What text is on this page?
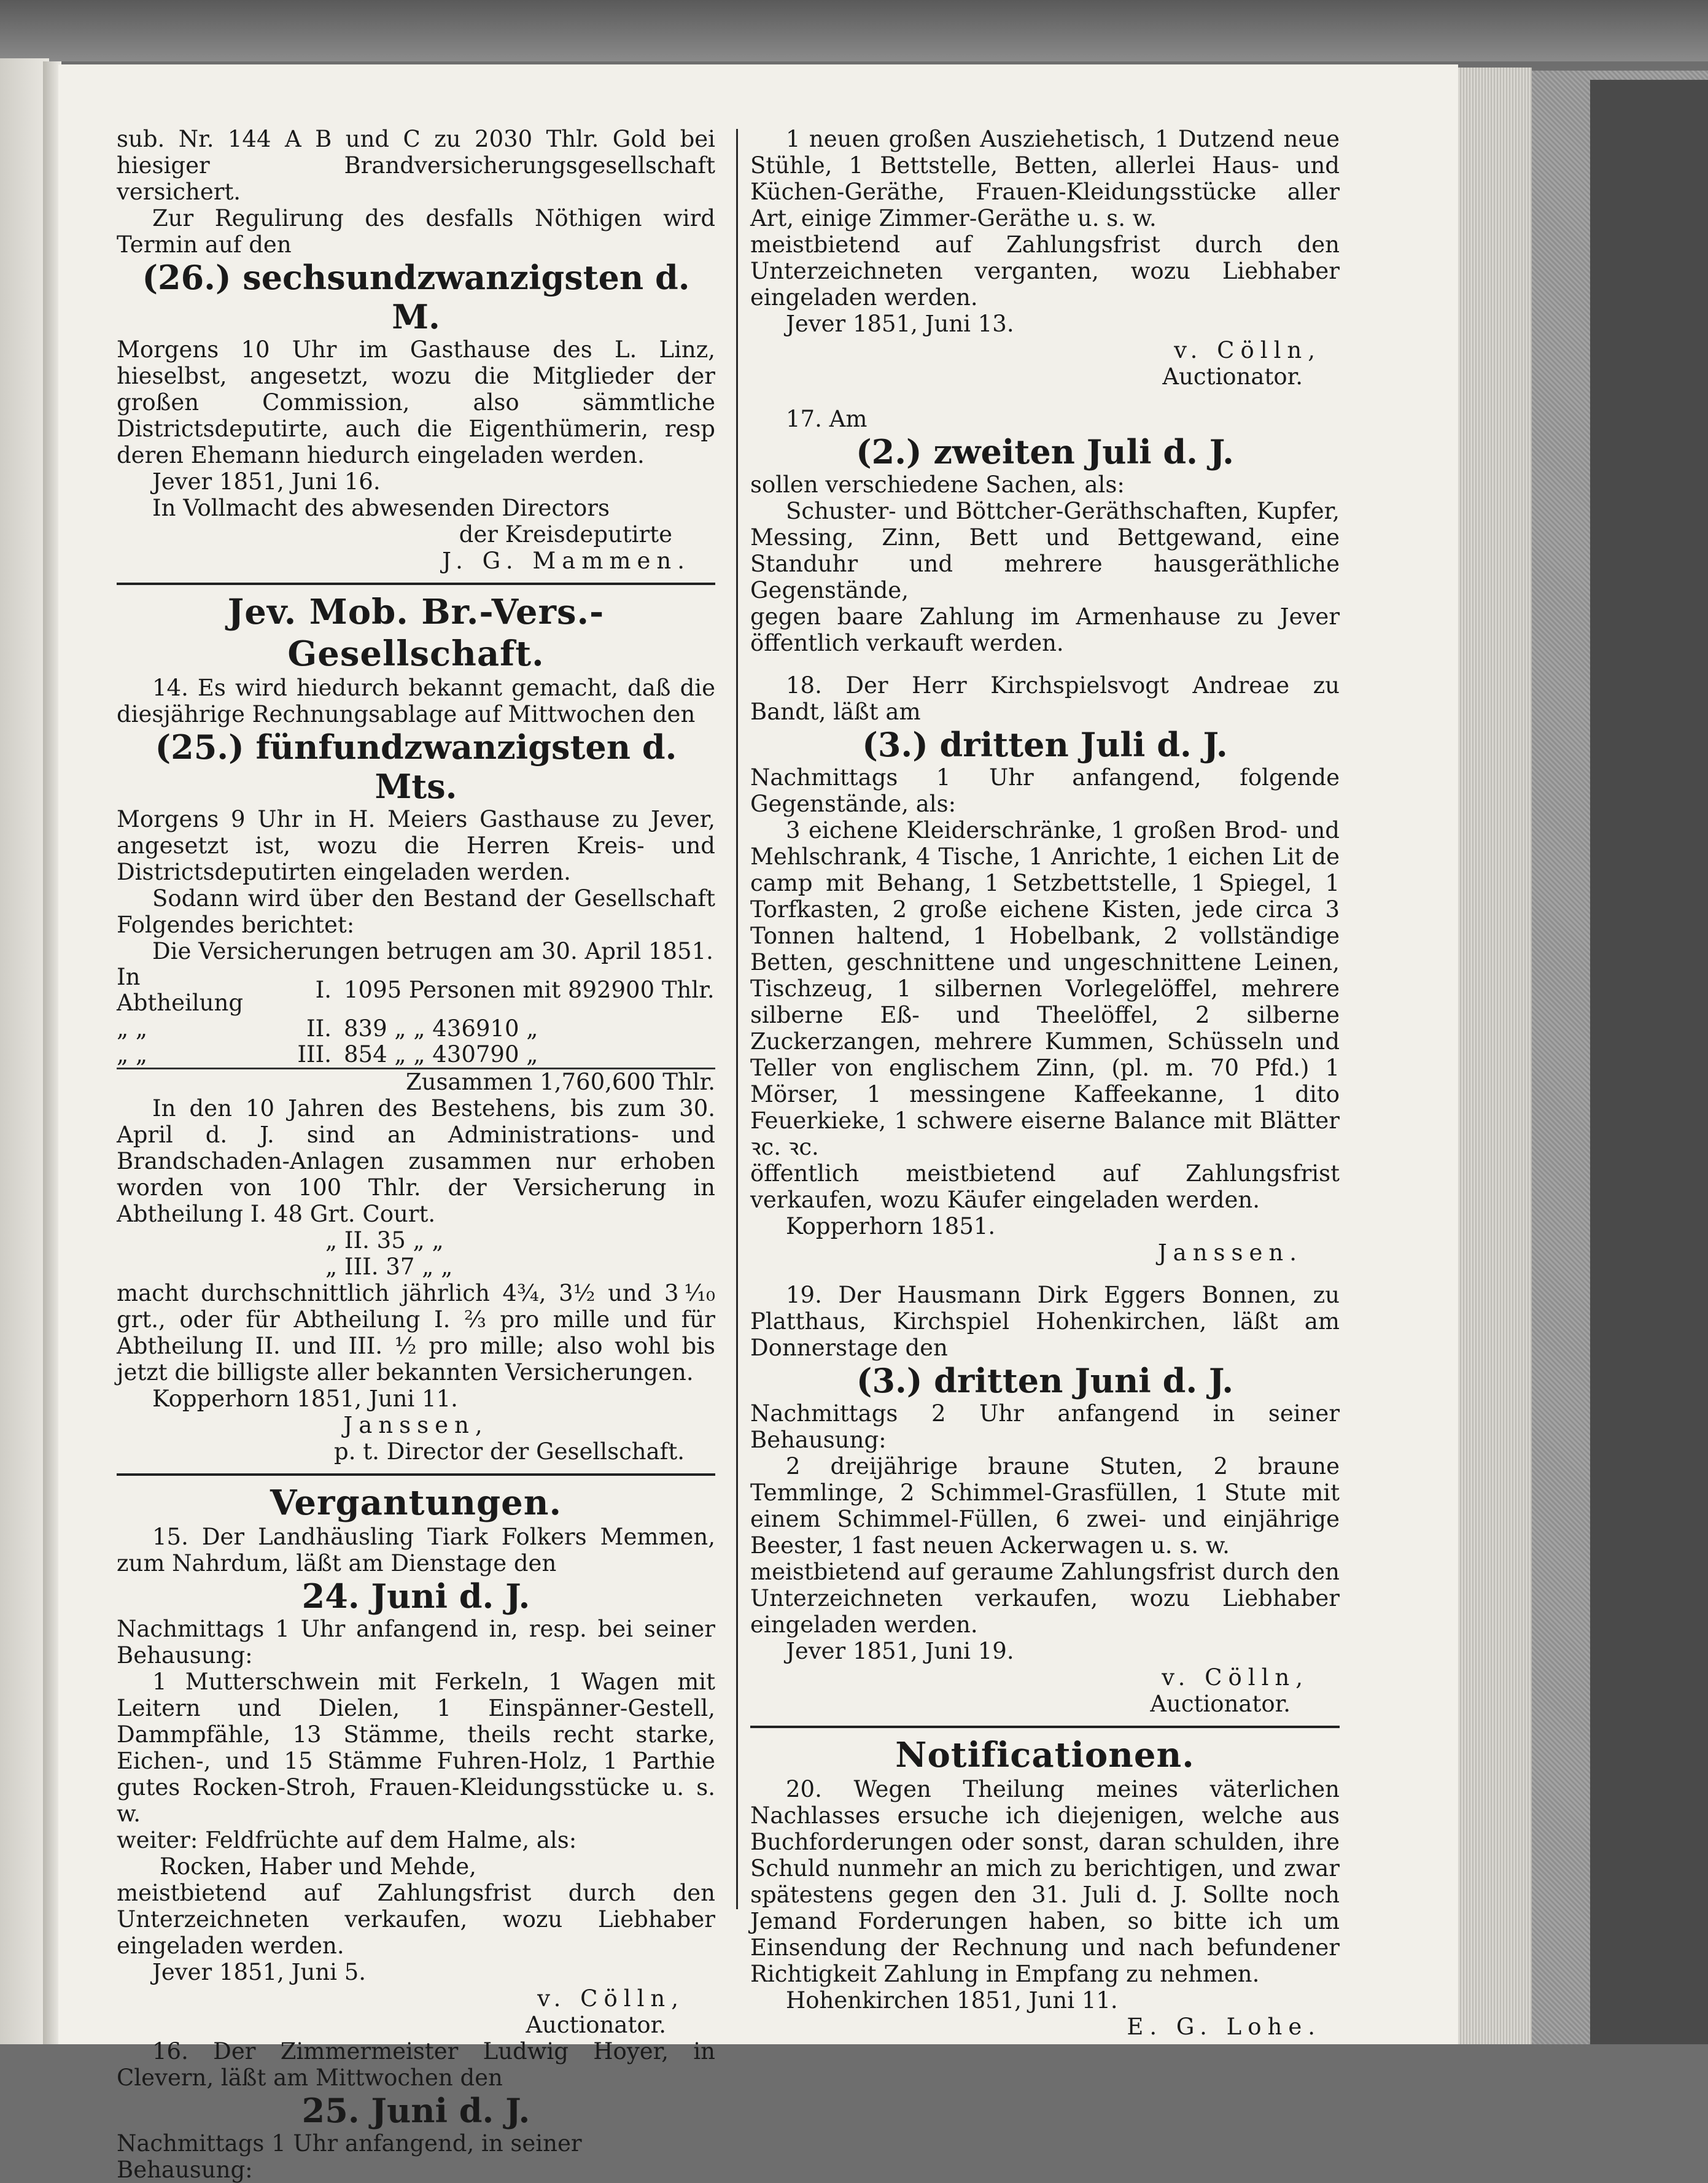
sub. Nr. 144 A B und C zu 2030 Thlr. Gold bei hiesiger Brandversicherungsgesellschaft versichert.

Zur Regulirung des desfalls Nöthigen wird Termin auf den

(26.) sechsundzwanzigsten d. M.

Morgens 10 Uhr im Gasthause des L. Linz, hieselbst, angesetzt, wozu die Mitglieder der großen Commission, also sämmtliche Districtsdeputirte, auch die Eigenthümerin, resp deren Ehemann hiedurch eingeladen werden.

Jever 1851, Juni 16.

In Vollmacht des abwesenden Directors

der Kreisdeputirte

J. G. Mammen.

Jev. Mob. Br.-Vers.-Gesellschaft.

14. Es wird hiedurch bekannt gemacht, daß die diesjährige Rechnungsablage auf Mittwochen den

(25.) fünfundzwanzigsten d. Mts.

Morgens 9 Uhr in H. Meiers Gasthause zu Jever, angesetzt ist, wozu die Herren Kreis- und Districtsdeputirten eingeladen werden.

Sodann wird über den Bestand der Gesellschaft Folgendes berichtet:

Die Versicherungen betrugen am 30. April 1851.

In Abtheilung	I.	1095 Personen mit 892900 Thlr.
„ „	II.	839 „ „ 436910 „
„ „	III.	854 „ „ 430790 „
Zusammen 1,760,600 Thlr.		

In den 10 Jahren des Bestehens, bis zum 30. April d. J. sind an Administrations- und Brandschaden-Anlagen zusammen nur erhoben worden von 100 Thlr. der Versicherung in Abtheilung I. 48 Grt. Court.

„ II. 35 „ „

„ III. 37 „ „

macht durchschnittlich jährlich 4¾, 3½ und 3⅒ grt., oder für Abtheilung I. ⅔ pro mille und für Abtheilung II. und III. ½ pro mille; also wohl bis jetzt die billigste aller bekannten Versicherungen.

Kopperhorn 1851, Juni 11.

Janssen,

p. t. Director der Gesellschaft.

Vergantungen.

15. Der Landhäusling Tiark Folkers Memmen, zum Nahrdum, läßt am Dienstage den

24. Juni d. J.

Nachmittags 1 Uhr anfangend in, resp. bei seiner Behausung:

1 Mutterschwein mit Ferkeln, 1 Wagen mit Leitern und Dielen, 1 Einspänner-Gestell, Dammpfähle, 13 Stämme, theils recht starke, Eichen-, und 15 Stämme Fuhren-Holz, 1 Parthie gutes Rocken-Stroh, Frauen-Kleidungsstücke u. s. w.

weiter: Feldfrüchte auf dem Halme, als:

Rocken, Haber und Mehde,

meistbietend auf Zahlungsfrist durch den Unterzeichneten verkaufen, wozu Liebhaber eingeladen werden.

Jever 1851, Juni 5.

v. Cölln,

Auctionator.

16. Der Zimmermeister Ludwig Hoyer, in Clevern, läßt am Mittwochen den

25. Juni d. J.

Nachmittags 1 Uhr anfangend, in seiner Behausung:

1 neuen großen Ausziehetisch, 1 Dutzend neue Stühle, 1 Bettstelle, Betten, allerlei Haus- und Küchen-Geräthe, Frauen-Kleidungsstücke aller Art, einige Zimmer-Geräthe u. s. w.

meistbietend auf Zahlungsfrist durch den Unterzeichneten verganten, wozu Liebhaber eingeladen werden.

Jever 1851, Juni 13.

v. Cölln,

Auctionator.

17. Am

(2.) zweiten Juli d. J.

sollen verschiedene Sachen, als:

Schuster- und Böttcher-Geräthschaften, Kupfer, Messing, Zinn, Bett und Bettgewand, eine Standuhr und mehrere hausgeräthliche Gegenstände,

gegen baare Zahlung im Armenhause zu Jever öffentlich verkauft werden.

18. Der Herr Kirchspielsvogt Andreae zu Bandt, läßt am

(3.) dritten Juli d. J.

Nachmittags 1 Uhr anfangend, folgende Gegenstände, als:

3 eichene Kleiderschränke, 1 großen Brod- und Mehlschrank, 4 Tische, 1 Anrichte, 1 eichen Lit de camp mit Behang, 1 Setzbettstelle, 1 Spiegel, 1 Torfkasten, 2 große eichene Kisten, jede circa 3 Tonnen haltend, 1 Hobelbank, 2 vollständige Betten, geschnittene und ungeschnittene Leinen, Tischzeug, 1 silbernen Vorlegelöffel, mehrere silberne Eß- und Theelöffel, 2 silberne Zuckerzangen, mehrere Kummen, Schüsseln und Teller von englischem Zinn, (pl. m. 70 Pfd.) 1 Mörser, 1 messingene Kaffeekanne, 1 dito Feuerkieke, 1 schwere eiserne Balance mit Blätter ꝛc. ꝛc.

öffentlich meistbietend auf Zahlungsfrist verkaufen, wozu Käufer eingeladen werden.

Kopperhorn 1851.

Janssen.

19. Der Hausmann Dirk Eggers Bonnen, zu Platthaus, Kirchspiel Hohenkirchen, läßt am Donnerstage den

(3.) dritten Juni d. J.

Nachmittags 2 Uhr anfangend in seiner Behausung:

2 dreijährige braune Stuten, 2 braune Temmlinge, 2 Schimmel-Grasfüllen, 1 Stute mit einem Schimmel-Füllen, 6 zwei- und einjährige Beester, 1 fast neuen Ackerwagen u. s. w.

meistbietend auf geraume Zahlungsfrist durch den Unterzeichneten verkaufen, wozu Liebhaber eingeladen werden.

Jever 1851, Juni 19.

v. Cölln,

Auctionator.

Notificationen.

20. Wegen Theilung meines väterlichen Nachlasses ersuche ich diejenigen, welche aus Buchforderungen oder sonst, daran schulden, ihre Schuld nunmehr an mich zu berichtigen, und zwar spätestens gegen den 31. Juli d. J. Sollte noch Jemand Forderungen haben, so bitte ich um Einsendung der Rechnung und nach befundener Richtigkeit Zahlung in Empfang zu nehmen.

Hohenkirchen 1851, Juni 11.

E. G. Lohe.
